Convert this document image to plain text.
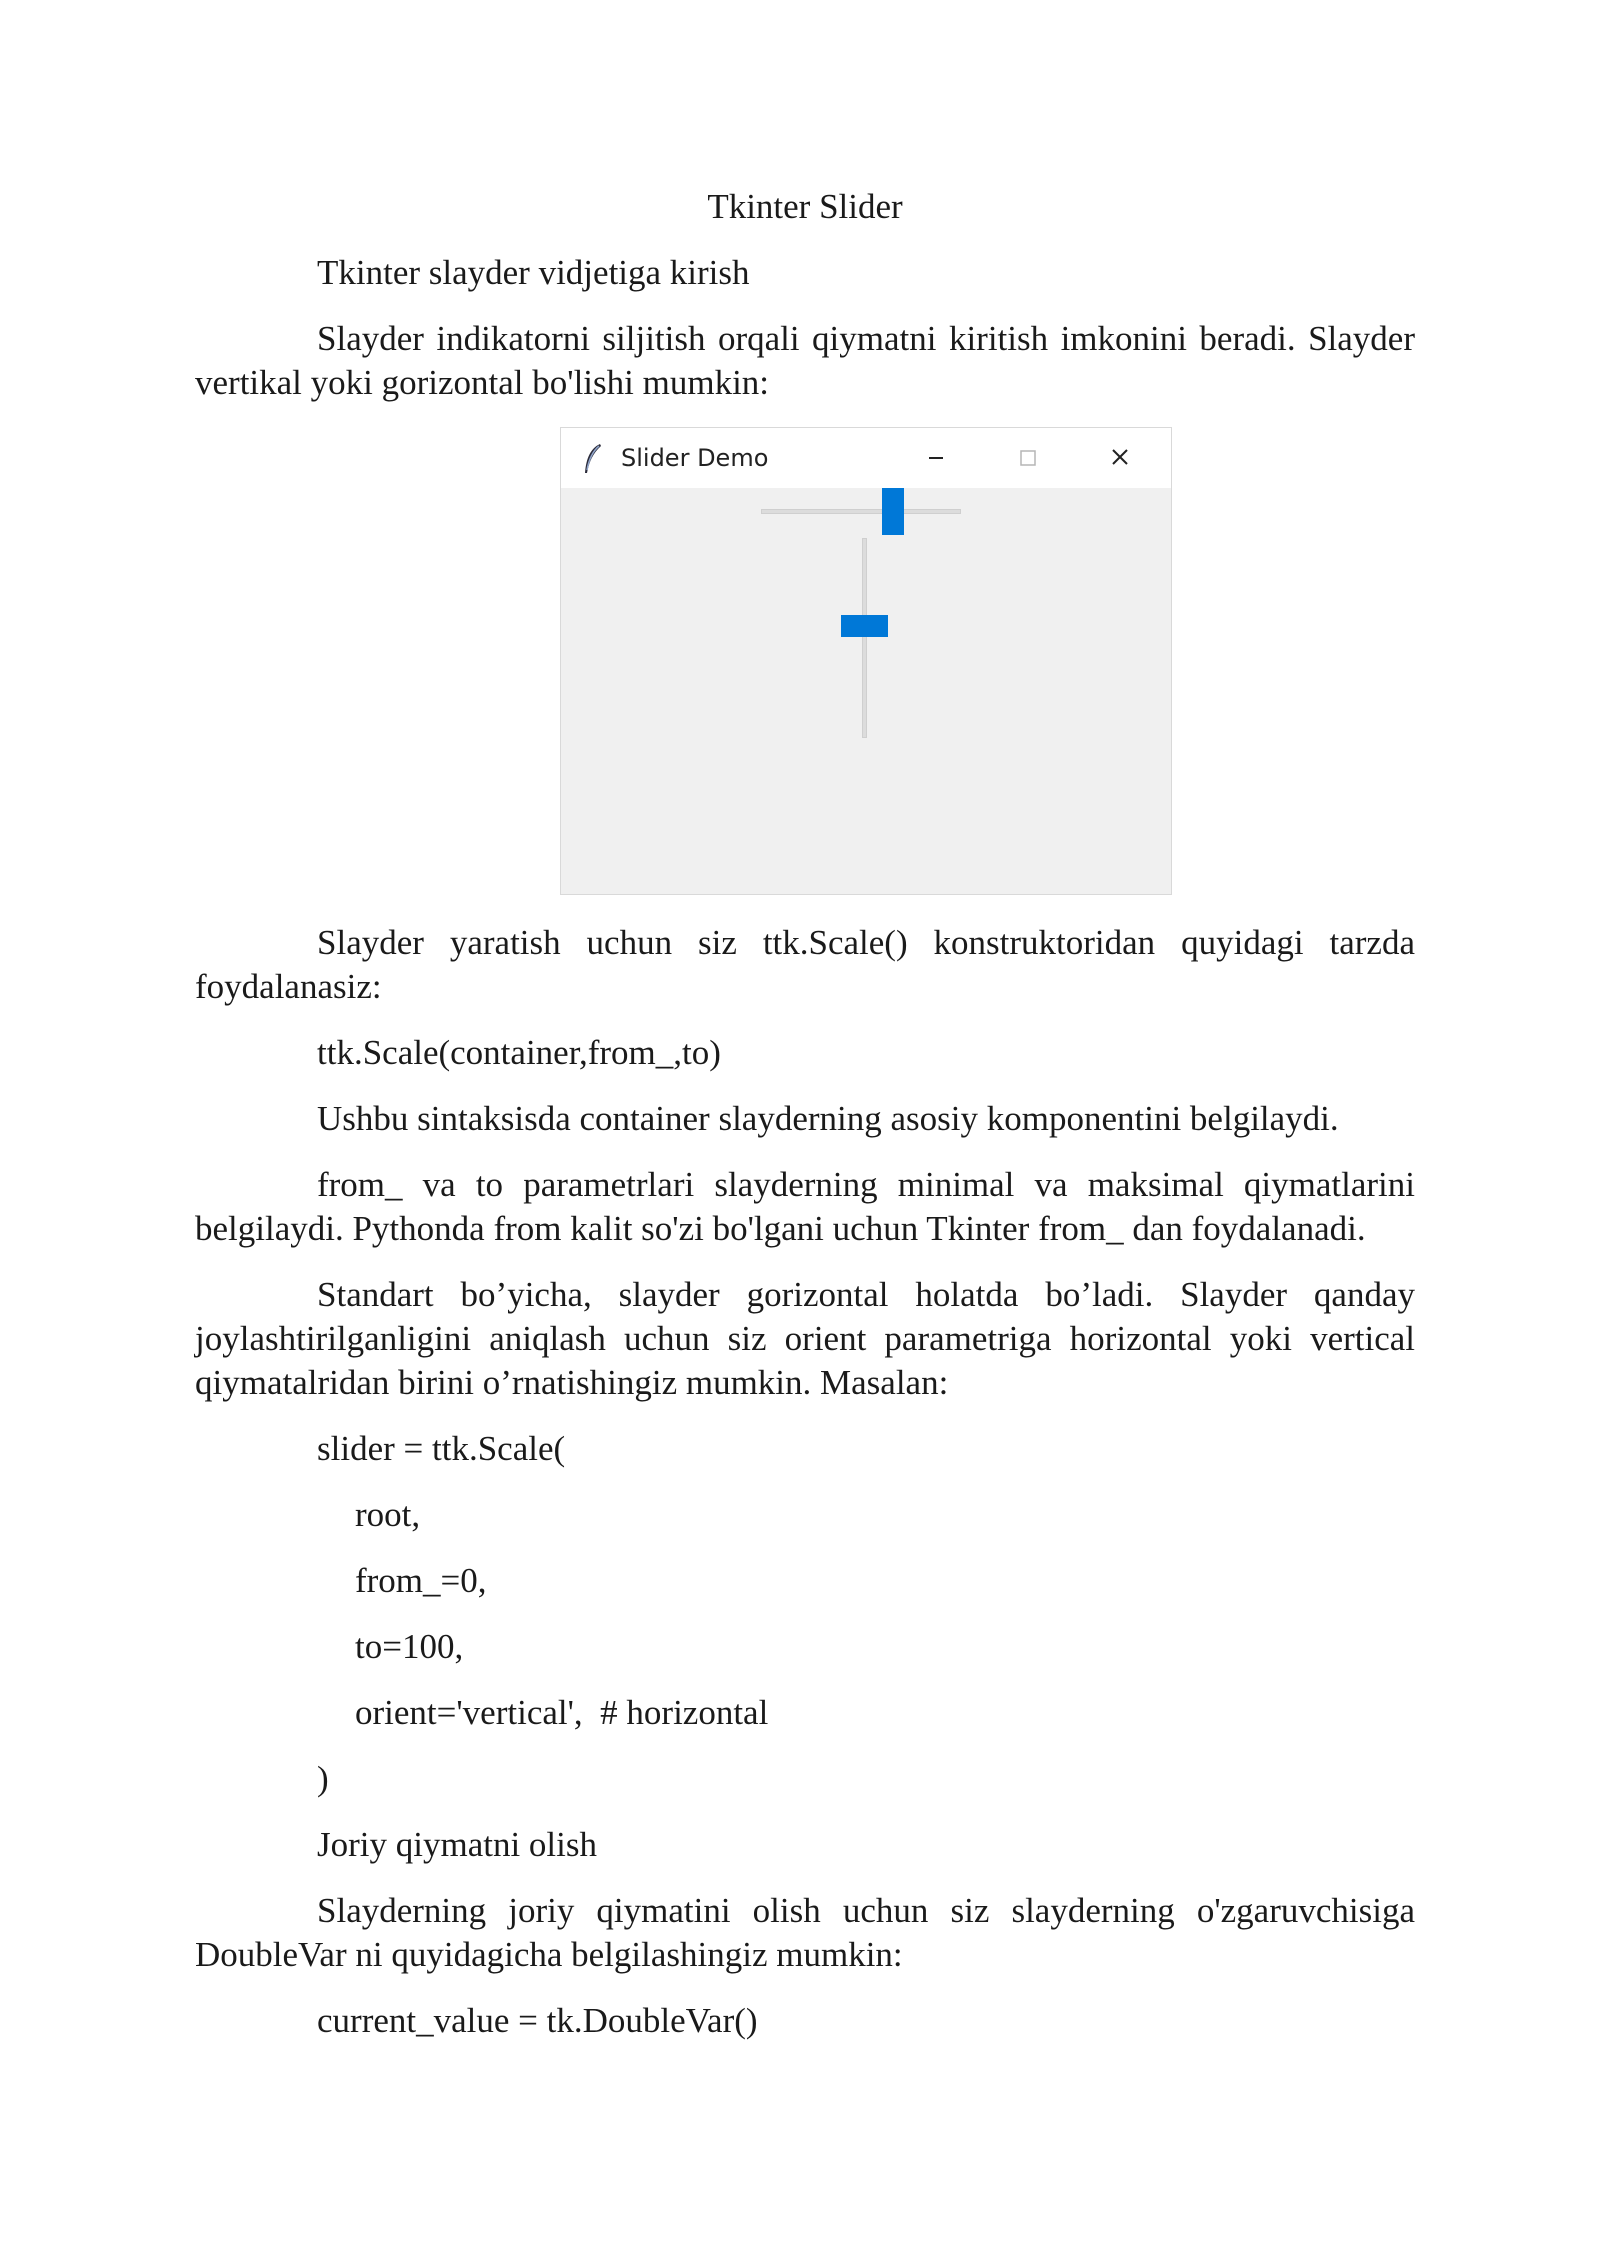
Tkinter Slider
Tkinter slayder vidjetiga kirish
Slayder indikatorni siljitish orqali qiymatni kiritish imkonini beradi. Slayder vertikal yoki gorizontal bo'lishi mumkin:
Slider Demo
Slayder yaratish uchun siz ttk.Scale() konstruktoridan quyidagi tarzda foydalanasiz:
ttk.Scale(container,from_,to)
Ushbu sintaksisda container slayderning asosiy komponentini belgilaydi.
from_ va to parametrlari slayderning minimal va maksimal qiymatlarini belgilaydi. Pythonda from kalit so'zi bo'lgani uchun Tkinter from_ dan foydalanadi.
Standart bo’yicha, slayder gorizontal holatda bo’ladi. Slayder qanday joylashtirilganligini aniqlash uchun siz orient parametriga horizontal yoki vertical qiymatalridan birini o’rnatishingiz mumkin. Masalan:
slider = ttk.Scale(
root,
from_=0,
to=100,
orient='vertical',  # horizontal
)
Joriy qiymatni olish
Slayderning joriy qiymatini olish uchun siz slayderning o'zgaruvchisiga DoubleVar ni quyidagicha belgilashingiz mumkin:
current_value = tk.DoubleVar()
